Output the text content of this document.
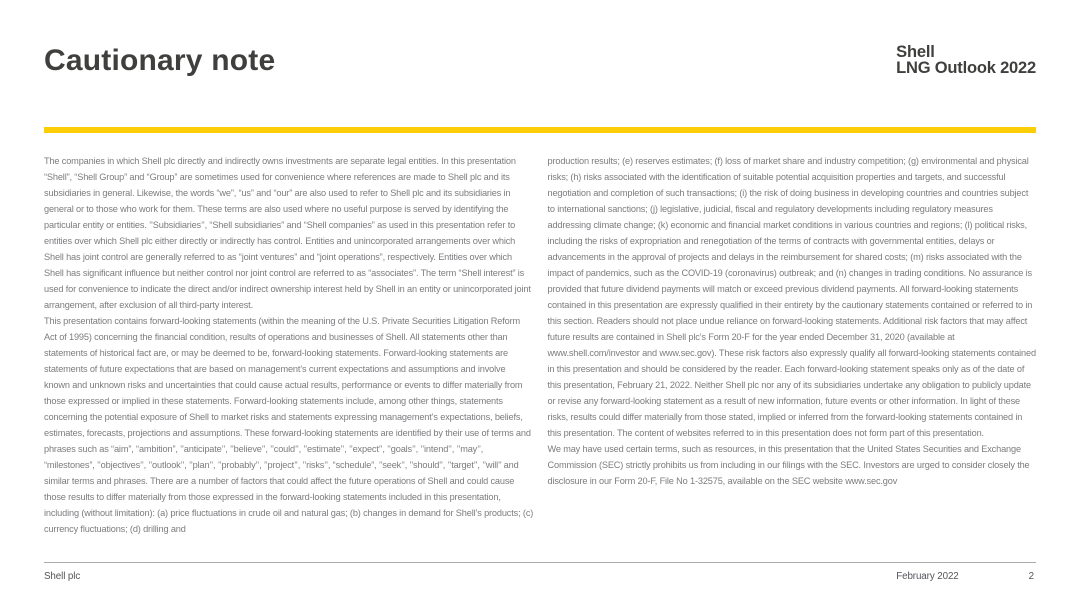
Cautionary note	Shell
LNG Outlook 2022

The companies in which Shell plc directly and indirectly owns investments are separate legal entities. In this presentation “Shell”, “Shell Group” and “Group” are sometimes used for convenience where references are made to Shell plc and its subsidiaries in general. Likewise, the words “we”, “us” and “our” are also used to refer to Shell plc and its subsidiaries in general or to those who work for them. These terms are also used where no useful purpose is served by identifying the particular entity or entities. ’’Subsidiaries’’, “Shell subsidiaries” and “Shell companies” as used in this presentation refer to entities over which Shell plc either directly or indirectly has control. Entities and unincorporated arrangements over which Shell has joint control are generally referred to as “joint ventures” and “joint operations”, respectively. Entities over which Shell has significant influence but neither control nor joint control are referred to as “associates”. The term “Shell interest” is used for convenience to indicate the direct and/or indirect ownership interest held by Shell in an entity or unincorporated joint arrangement, after exclusion of all third-party interest.

This presentation contains forward-looking statements (within the meaning of the U.S. Private Securities Litigation Reform Act of 1995) concerning the financial condition, results of operations and businesses of Shell. All statements other than statements of historical fact are, or may be deemed to be, forward-looking statements. Forward-looking statements are statements of future expectations that are based on management’s current expectations and assumptions and involve known and unknown risks and uncertainties that could cause actual results, performance or events to differ materially from those expressed or implied in these statements. Forward-looking statements include, among other things, statements concerning the potential exposure of Shell to market risks and statements expressing management’s expectations, beliefs, estimates, forecasts, projections and assumptions. These forward-looking statements are identified by their use of terms and phrases such as “aim”, “ambition”, ’’anticipate’’, ’’believe’’, ’’could’’, ’’estimate’’, ’’expect’’, ’’goals’’, ’’intend’’, ’’may’’, “milestones”, ’’objectives’’, ’’outlook’’, ’’plan’’, ’’probably’’, ’’project’’, ’’risks’’, “schedule”, ’’seek’’, ’’should’’, ’’target’’, ’’will’’ and similar terms and phrases. There are a number of factors that could affect the future operations of Shell and could cause those results to differ materially from those expressed in the forward-looking statements included in this presentation, including (without limitation): (a) price fluctuations in crude oil and natural gas; (b) changes in demand for Shell’s products; (c) currency fluctuations; (d) drilling and

production results; (e) reserves estimates; (f) loss of market share and industry competition; (g) environmental and physical risks; (h) risks associated with the identification of suitable potential acquisition properties and targets, and successful negotiation and completion of such transactions; (i) the risk of doing business in developing countries and countries subject to international sanctions; (j) legislative, judicial, fiscal and regulatory developments including regulatory measures addressing climate change; (k) economic and financial market conditions in various countries and regions; (l) political risks, including the risks of expropriation and renegotiation of the terms of contracts with governmental entities, delays or advancements in the approval of projects and delays in the reimbursement for shared costs; (m) risks associated with the impact of pandemics, such as the COVID-19 (coronavirus) outbreak; and (n) changes in trading conditions. No assurance is provided that future dividend payments will match or exceed previous dividend payments. All forward-looking statements contained in this presentation are expressly qualified in their entirety by the cautionary statements contained or referred to in this section. Readers should not place undue reliance on forward-looking statements. Additional risk factors that may affect future results are contained in Shell plc’s Form 20-F for the year ended December 31, 2020 (available at www.shell.com/investor and www.sec.gov). These risk factors also expressly qualify all forward-looking statements contained in this presentation and should be considered by the reader. Each forward-looking statement speaks only as of the date of this presentation, February 21, 2022. Neither Shell plc nor any of its subsidiaries undertake any obligation to publicly update or revise any forward-looking statement as a result of new information, future events or other information. In light of these risks, results could differ materially from those stated, implied or inferred from the forward-looking statements contained in this presentation. The content of websites referred to in this presentation does not form part of this presentation.

We may have used certain terms, such as resources, in this presentation that the United States Securities and Exchange Commission (SEC) strictly prohibits us from including in our filings with the SEC. Investors are urged to consider closely the disclosure in our Form 20-F, File No 1-32575, available on the SEC website www.sec.gov

Shell plc	February 2022	2
